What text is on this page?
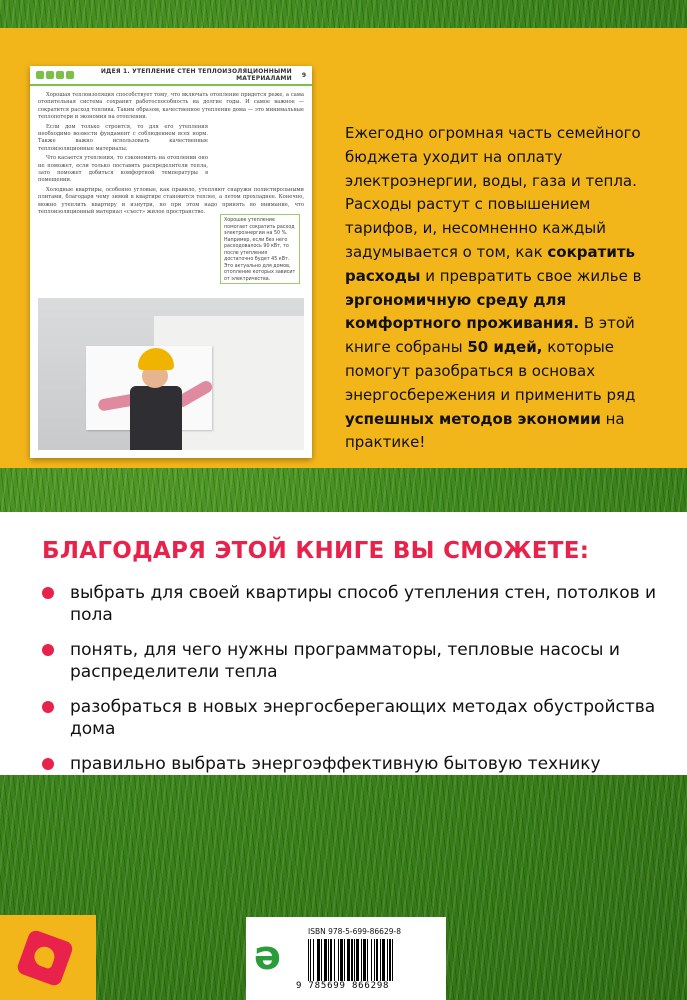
ИДЕЯ 1. УТЕПЛЕНИЕ СТЕН ТЕПЛОИЗОЛЯЦИОННЫМИ МАТЕРИАЛАМИ 9

Хорошая теплоизоляция способствует тому, что включать отопление придется реже, а сама отопительная система сохранит работоспособность на долгие годы. И самое важное — сократится расход топлива. Таким образом, качественное утепление дома — это минимальные теплопотери и экономия на отоплении.

Если дом только строится, то для его утепления необходимо возвести фундамент с соблюдением всех норм. Также важно использовать качественные теплоизоляционные материалы.

Что касается утепления, то сэкономить на отоплении оно не поможет, если только поставить распределители тепла, зато поможет добиться комфортной температуры в помещении.

Холодные квартиры, особенно угловые, как правило, утепляют снаружи полистирольными плитами, благодаря чему зимой в квартире становится теплее, а летом прохладнее. Конечно, можно утеплить квартиру и изнутри, но при этом надо принять во внимание, что теплоизоляционный материал «съест» жилое пространство.

Хорошее утепление помогает сократить расход электроэнергии на 50 %. Например, если без него расходовалось 90 кВт, то после утепления достаточно будет 45 кВт. Это актуально для домов, отопление которых зависит от электричества.
Ежегодно огромная часть семейного бюджета уходит на оплату электроэнергии, воды, газа и тепла. Расходы растут с повышением тарифов, и, несомненно каждый задумывается о том, как сократить расходы и превратить свое жилье в эргономичную среду для комфортного проживания. В этой книге собраны 50 идей, которые помогут разобраться в основах энергосбережения и применить ряд успешных методов экономии на практике!
БЛАГОДАРЯ ЭТОЙ КНИГЕ ВЫ СМОЖЕТЕ:
выбрать для своей квартиры способ утепления стен, потолков и пола
понять, для чего нужны программаторы, тепловые насосы и распределители тепла
разобраться в новых энергосберегающих методах обустройства дома
правильно выбрать энергоэффективную бытовую технику
ə
ISBN 978-5-699-86629-8
9 785699 866298
